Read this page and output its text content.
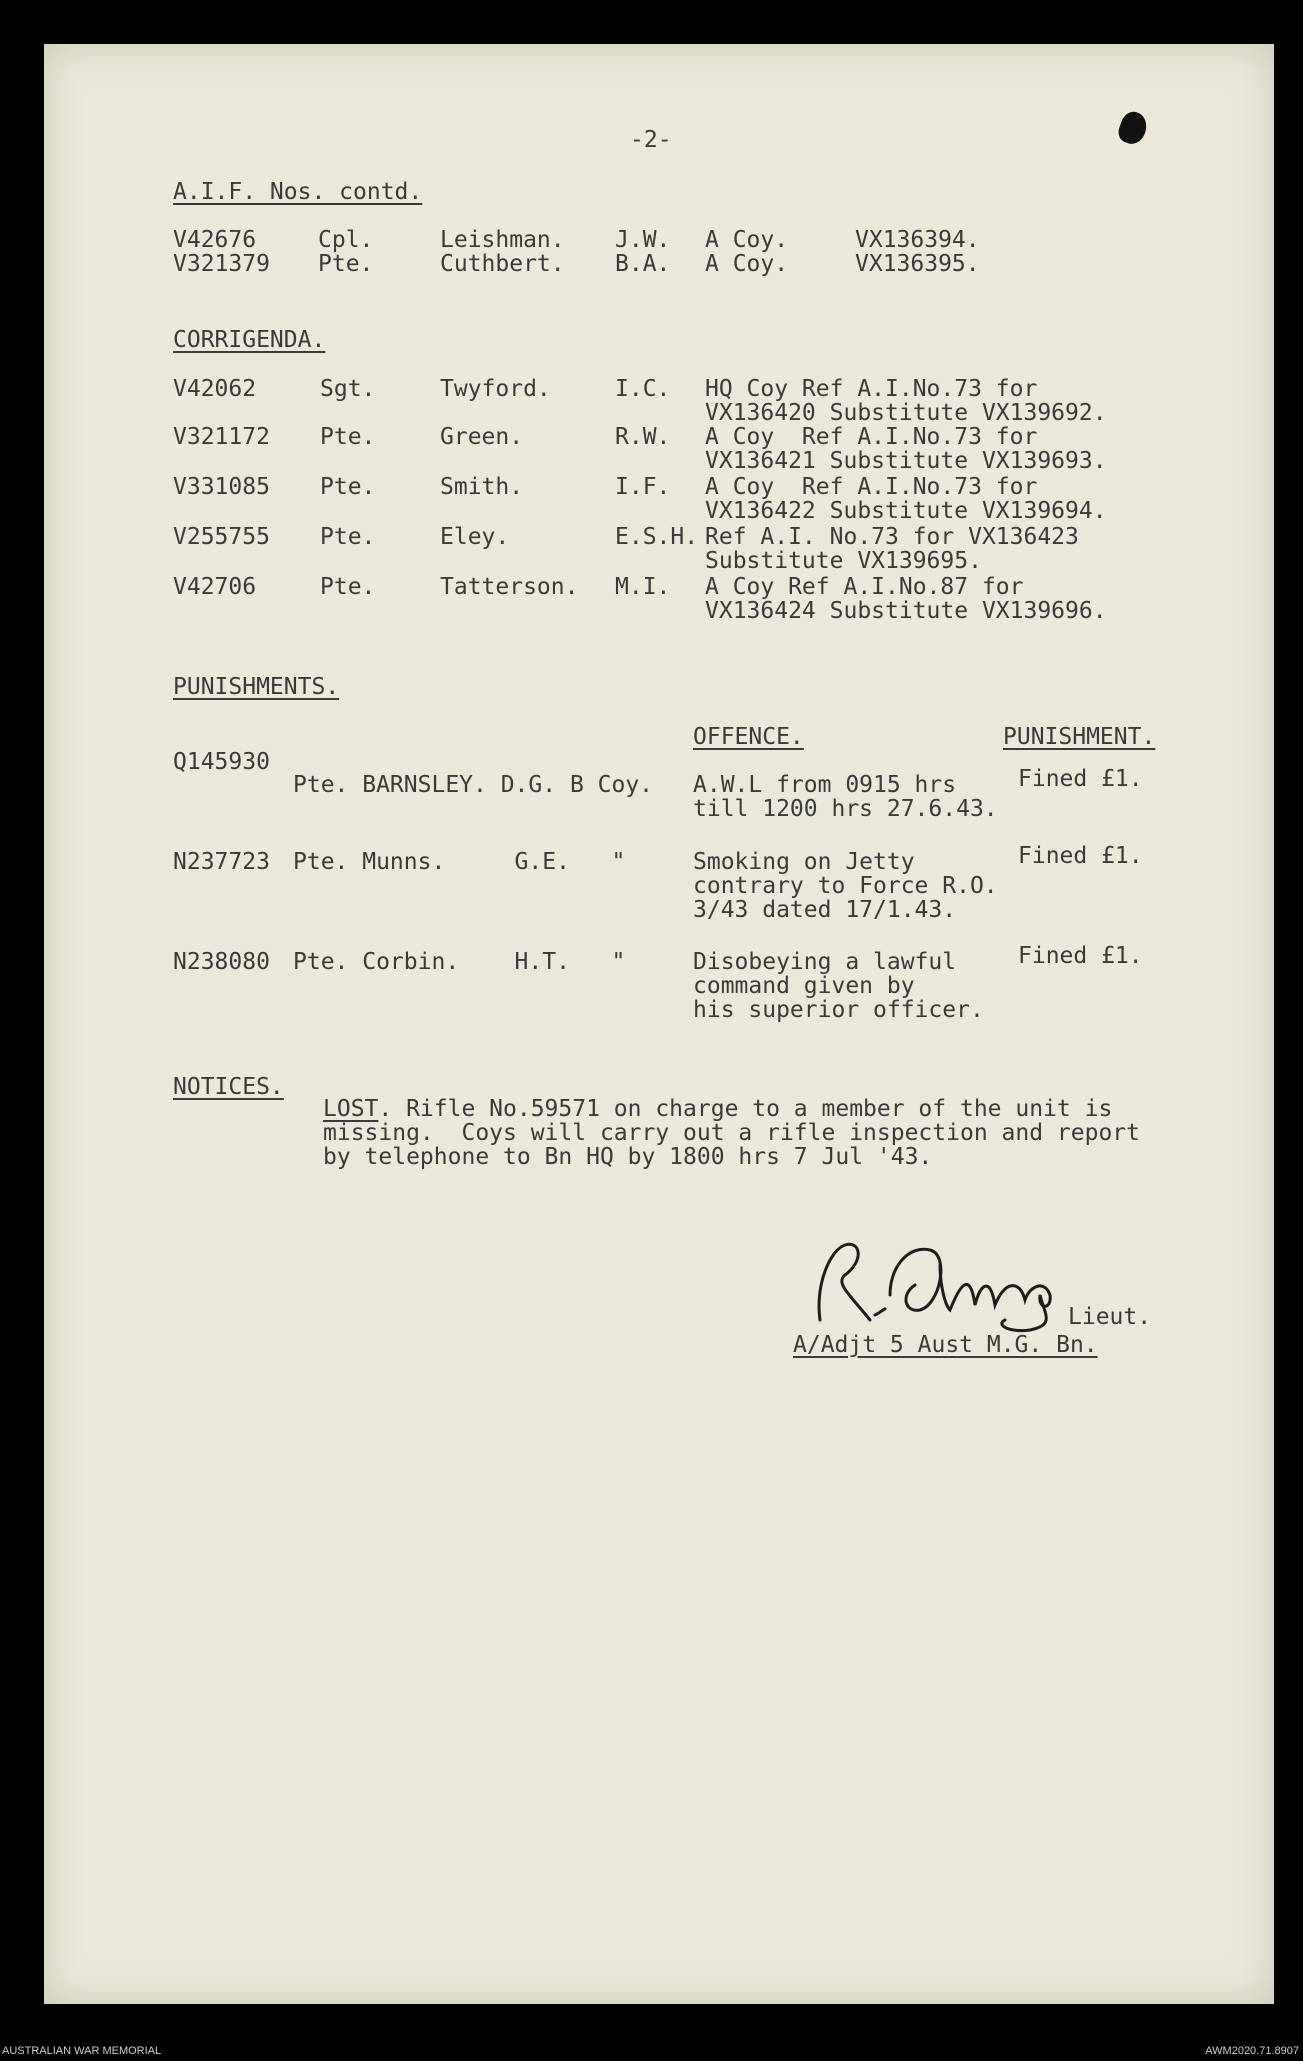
-2-
A.I.F. Nos. contd.
V42676	Cpl.	Leishman. J.W. A Coy.	VX136394.
V321379 Pte.	Cuthbert. B.A. A Coy.	VX136395.
CORRIGENDA.
V42062	Sgt.	Twyford.	I.C. HQ Coy Ref A.I.No.73 for
VX136420 Substitute VX139692.
V321172 Pte.	Green.	R.W. A Coy  Ref A.I.No.73 for
VX136421 Substitute VX139693.
V331085 Pte.	Smith.	I.F. A Coy  Ref A.I.No.73 for
VX136422 Substitute VX139694.
V255755 Pte.	Eley.	E.S.H. Ref A.I. No.73 for VX136423
Substitute VX139695.
V42706	Pte.	Tatterson. M.I. A Coy Ref A.I.No.87 for
VX136424 Substitute VX139696.
PUNISHMENTS.
OFFENCE.	PUNISHMENT.
Q145930
Pte. BARNSLEY. D.G. B Coy. A.W.L from 0915 hrs
till 1200 hrs 27.6.43.
Fined £1.
N237723 Pte. Munns.     G.E.   "	Smoking on Jetty
contrary to Force R.O.
3/43 dated 17/1.43.
Fined £1.
N238080 Pte. Corbin.    H.T.   "	Disobeying a lawful
command given by
his superior officer.
Fined £1.
NOTICES.
LOST. Rifle No.59571 on charge to a member of the unit is
missing.  Coys will carry out a rifle inspection and report
by telephone to Bn HQ by 1800 hrs 7 Jul '43.
Lieut.
A/Adjt 5 Aust M.G. Bn.
AUSTRALIAN WAR MEMORIAL	AWM2020.71.8907
